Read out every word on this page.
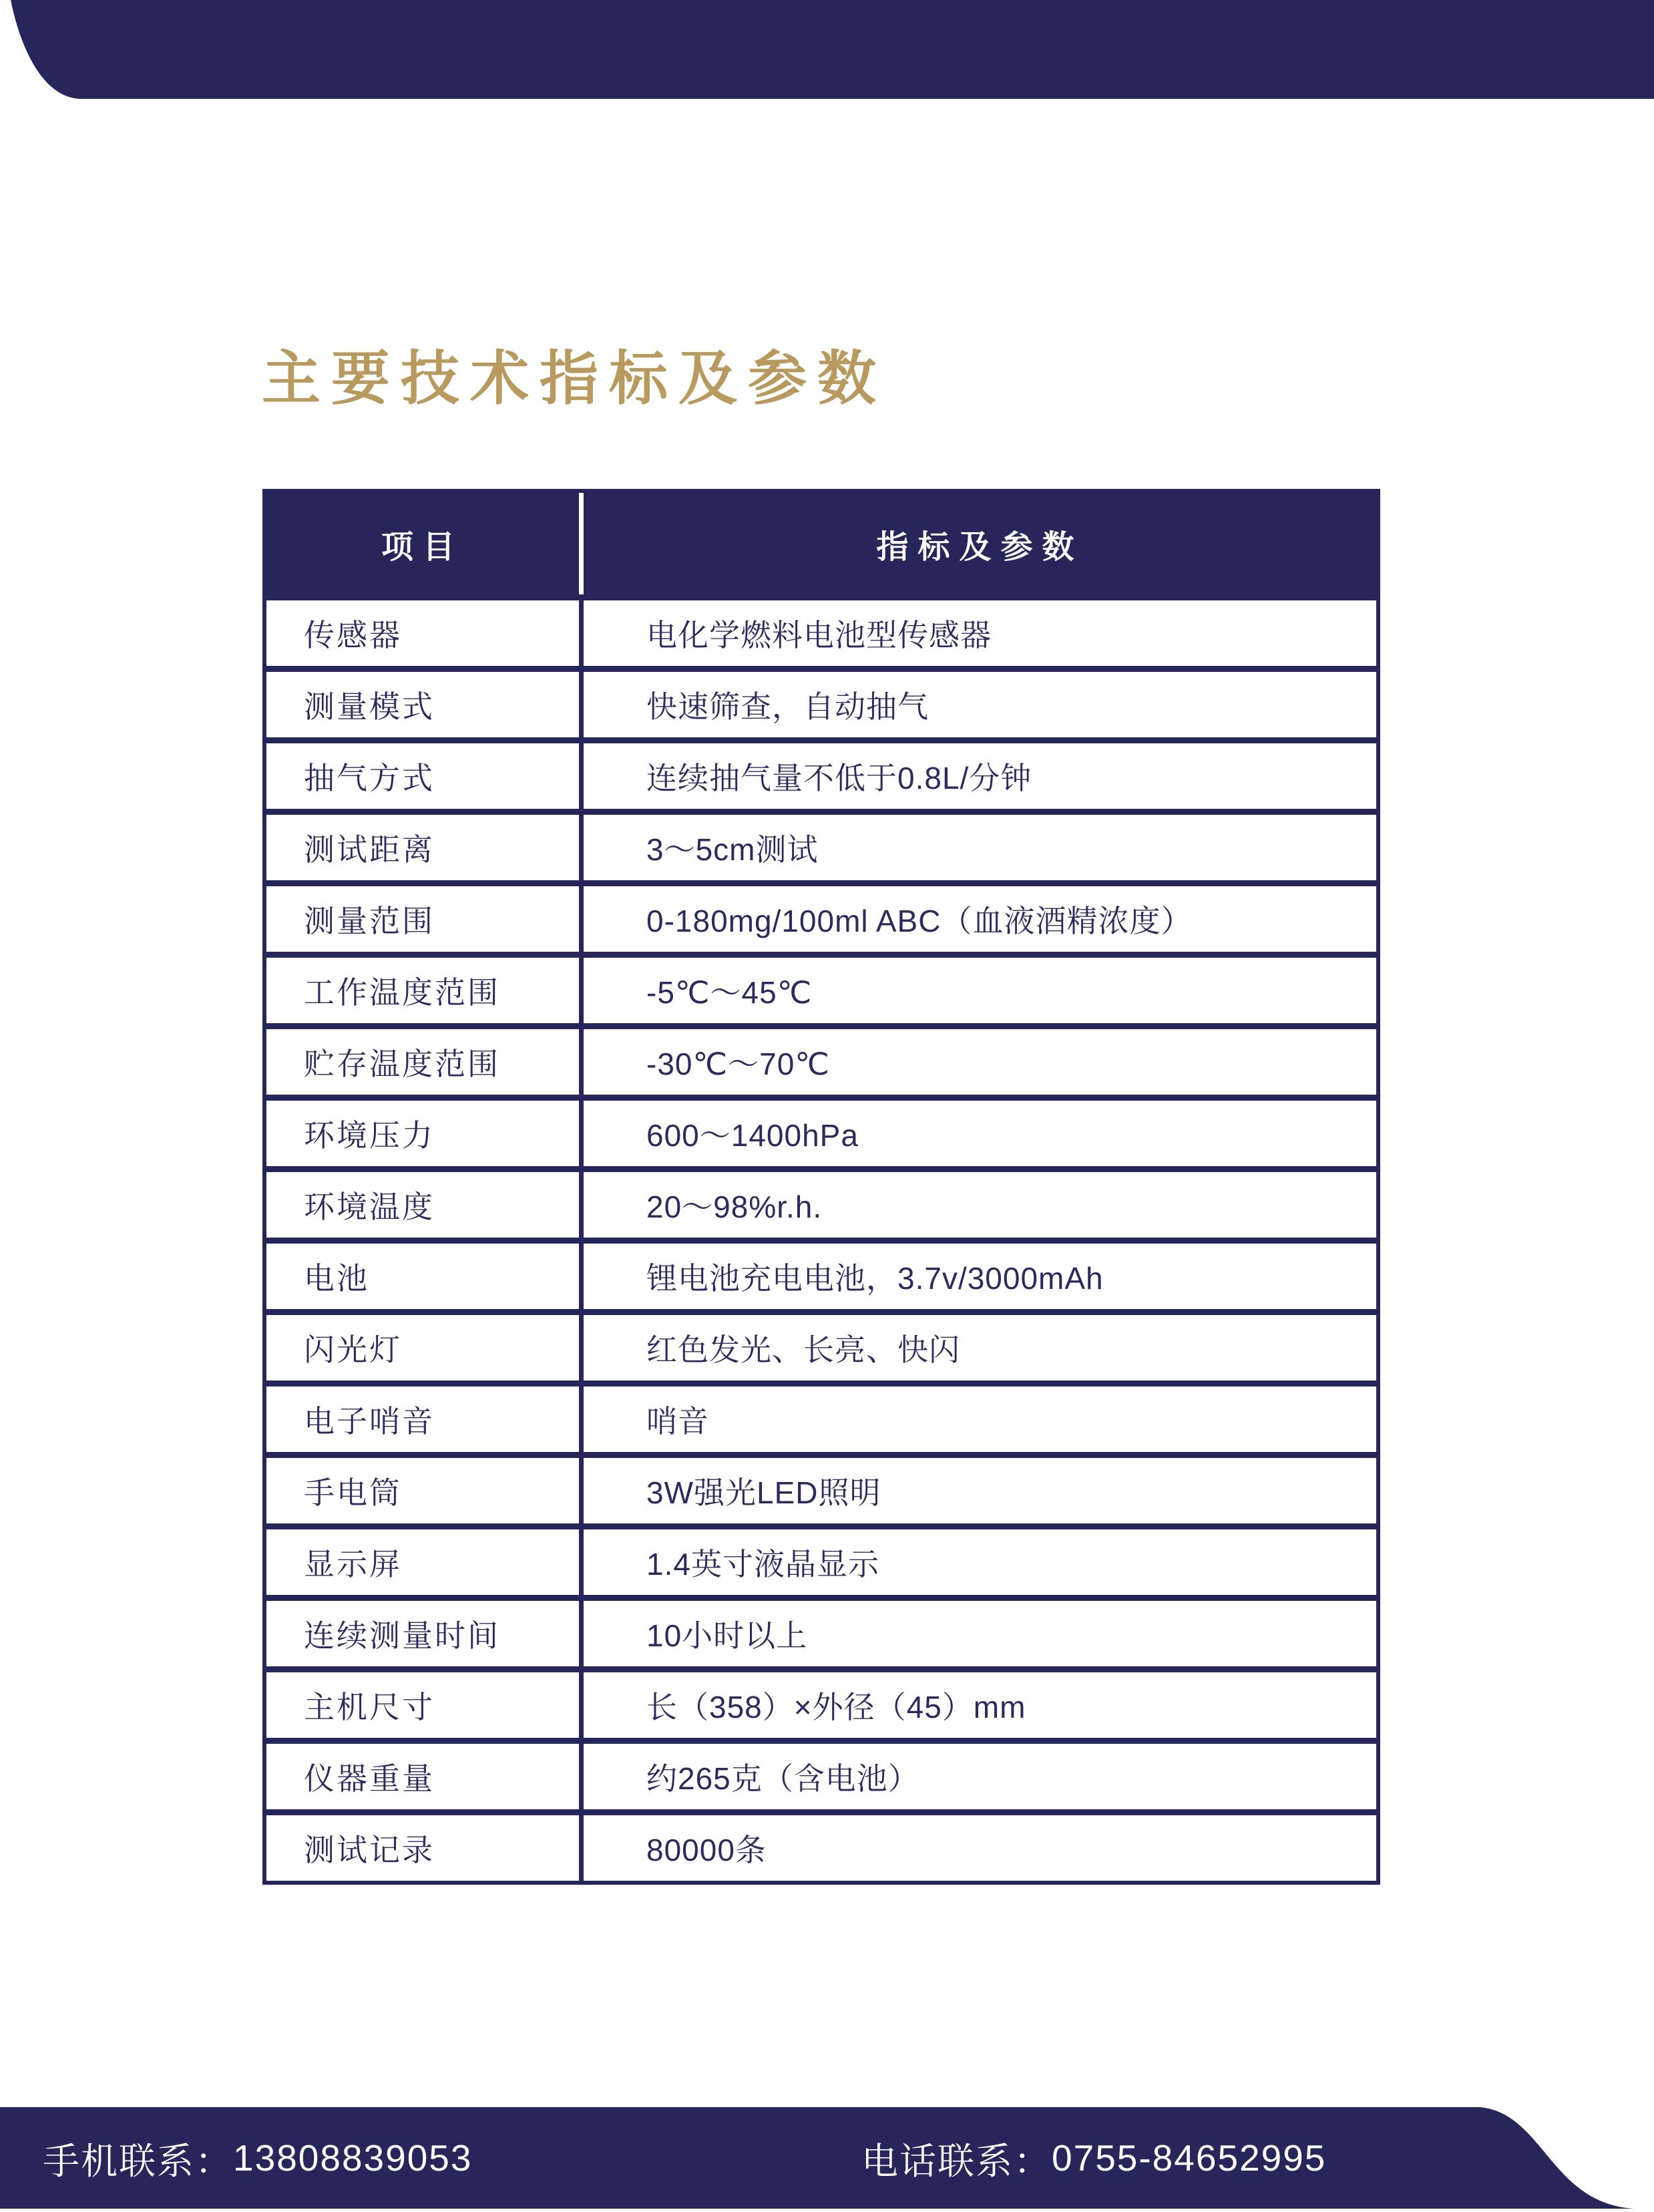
主要技术指标及参数
项目	指标及参数
传感器	电化学燃料电池型传感器
测量模式	快速筛查，自动抽气
抽气方式	连续抽气量不低于0.8L/分钟
测试距离	3～5cm测试
测量范围	0-180mg/100ml ABC（血液酒精浓度）
工作温度范围	-5℃～45℃
贮存温度范围	-30℃～70℃
环境压力	600～1400hPa
环境温度	20～98%r.h.
电池	锂电池充电电池，3.7v/3000mAh
闪光灯	红色发光、长亮、快闪
电子哨音	哨音
手电筒	3W强光LED照明
显示屏	1.4英寸液晶显示
连续测量时间	10小时以上
主机尺寸	长（358）×外径（45）mm
仪器重量	约265克（含电池）
测试记录	80000条
手机联系： 13808839053	电话联系： 0755-84652995
